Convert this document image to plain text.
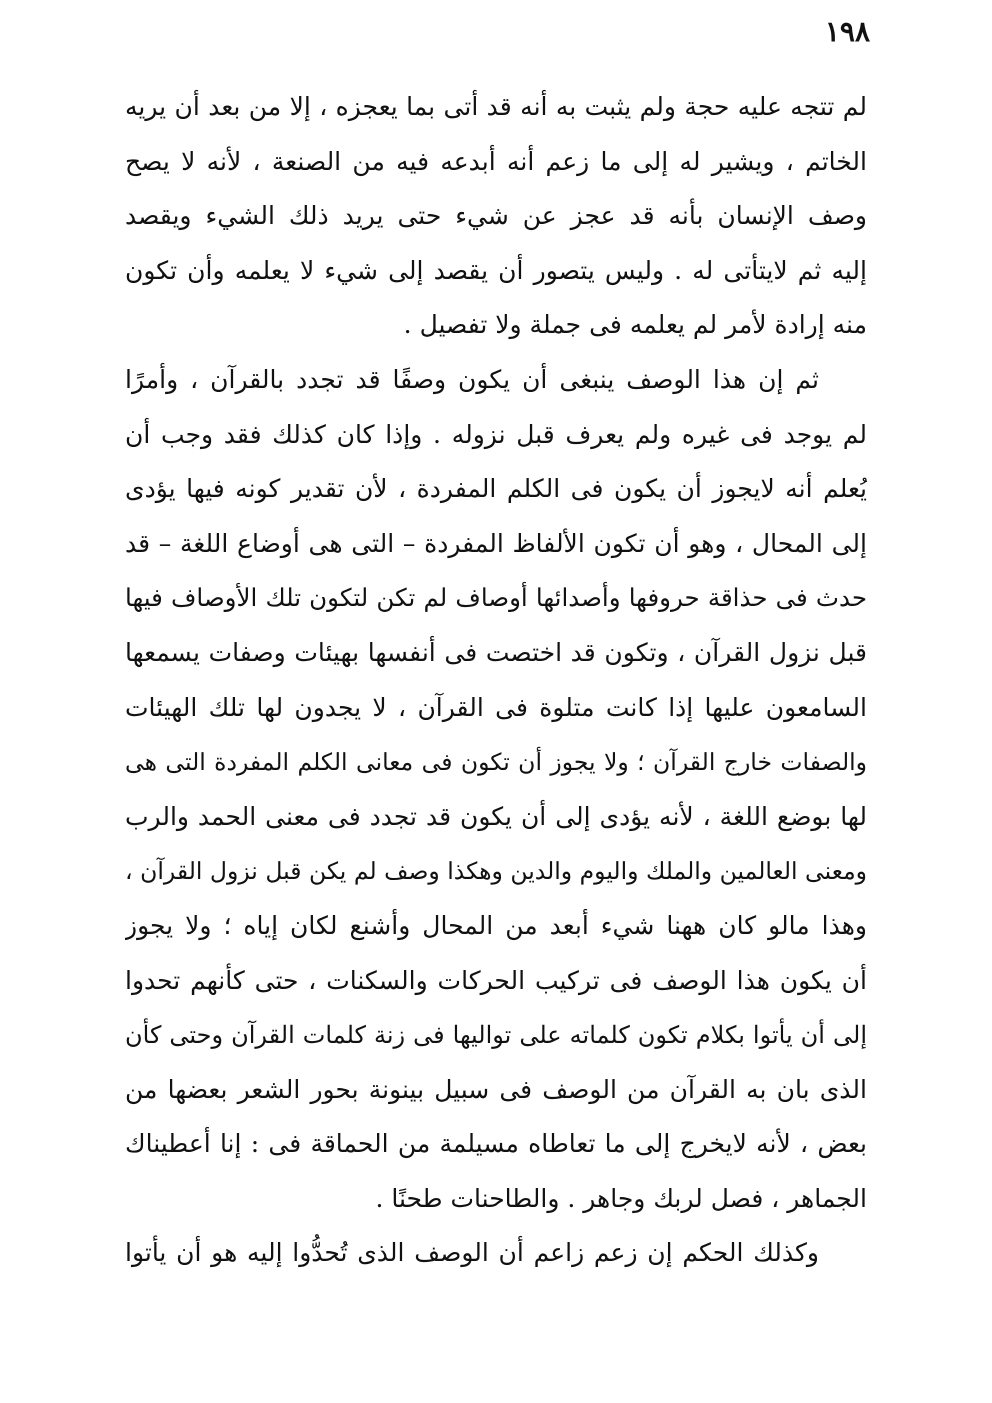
١٩٨
لم تتجه عليه حجة ولم يثبت به أنه قد أتى بما يعجزه ، إلا من بعد أن يريه
الخاتم ، ويشير له إلى ما زعم أنه أبدعه فيه من الصنعة ، لأنه لا يصح
وصف الإنسان بأنه قد عجز عن شيء حتى يريد ذلك الشيء ويقصد
إليه ثم لايتأتى له . وليس يتصور أن يقصد إلى شيء لا يعلمه وأن تكون
منه إرادة لأمر لم يعلمه فى جملة ولا تفصيل .
ثم إن هذا الوصف ينبغى أن يكون وصفًا قد تجدد بالقرآن ، وأمرًا
لم يوجد فى غيره ولم يعرف قبل نزوله . وإذا كان كذلك فقد وجب أن
يُعلم أنه لايجوز أن يكون فى الكلم المفردة ، لأن تقدير كونه فيها يؤدى
إلى المحال ، وهو أن تكون الألفاظ المفردة – التى هى أوضاع اللغة – قد
حدث فى حذاقة حروفها وأصدائها أوصاف لم تكن لتكون تلك الأوصاف فيها
قبل نزول القرآن ، وتكون قد اختصت فى أنفسها بهيئات وصفات يسمعها
السامعون عليها إذا كانت متلوة فى القرآن ، لا يجدون لها تلك الهيئات
والصفات خارج القرآن ؛ ولا يجوز أن تكون فى معانى الكلم المفردة التى هى
لها بوضع اللغة ، لأنه يؤدى إلى أن يكون قد تجدد فى معنى الحمد والرب
ومعنى العالمين والملك واليوم والدين وهكذا وصف لم يكن قبل نزول القرآن ،
وهذا مالو كان ههنا شيء أبعد من المحال وأشنع لكان إياه ؛ ولا يجوز
أن يكون هذا الوصف فى تركيب الحركات والسكنات ، حتى كأنهم تحدوا
إلى أن يأتوا بكلام تكون كلماته على تواليها فى زنة كلمات القرآن وحتى كأن
الذى بان به القرآن من الوصف فى سبيل بينونة بحور الشعر بعضها من
بعض ، لأنه لايخرج إلى ما تعاطاه مسيلمة من الحماقة فى : إنا أعطيناك
الجماهر ، فصل لربك وجاهر . والطاحنات طحنًا .
وكذلك الحكم إن زعم زاعم أن الوصف الذى تُحدُّوا إليه هو أن يأتوا
